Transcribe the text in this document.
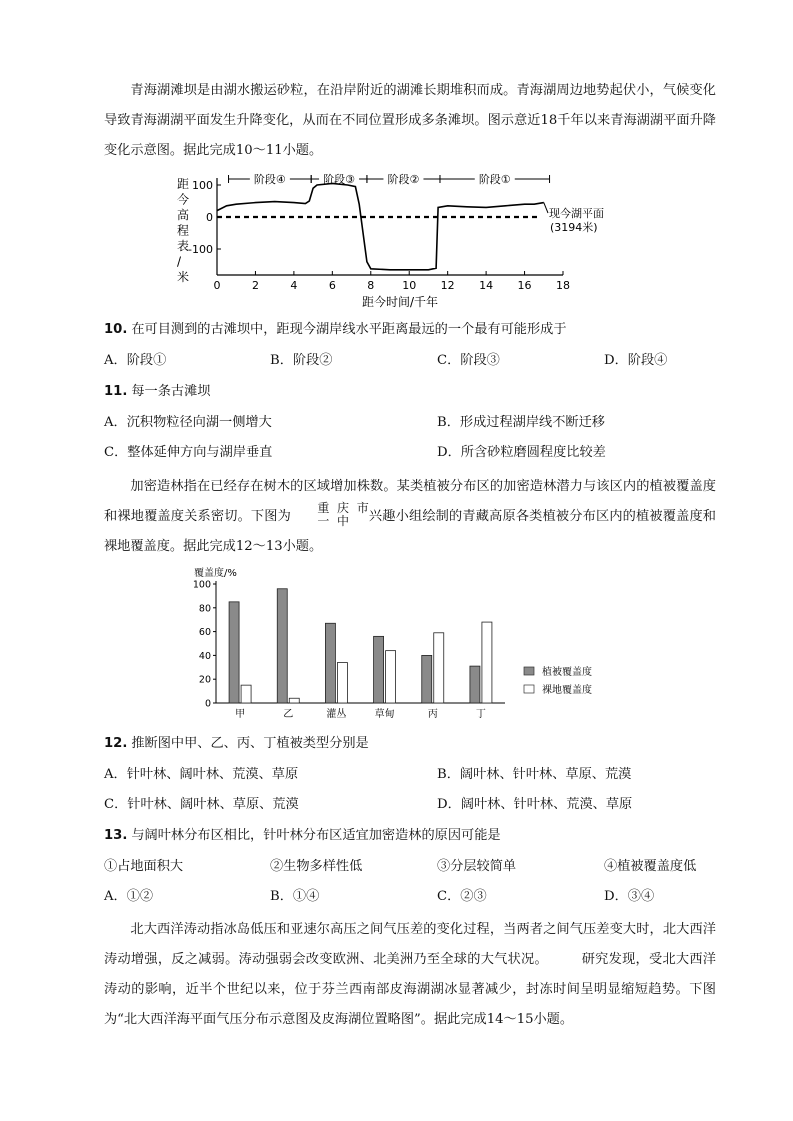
青海湖滩坝是由湖水搬运砂粒，在沿岸附近的湖滩长期堆积而成。青海湖周边地势起伏小，气候变化导致青海湖湖平面发生升降变化，从而在不同位置形成多条滩坝。图示意近18千年以来青海湖湖平面升降变化示意图。据此完成10～11小题。

距
今
高
程
表
/
米
100
0
-100
0	2	4	6	8	10 12 14 16 18
阶段④	阶段③	阶段②	阶段①
现今湖平面
(3194米)
距今时间/千年
10. 在可目测到的古滩坝中，距现今湖岸线水平距离最远的一个最有可能形成于
A．阶段①	B．阶段②	C．阶段③	D．阶段④
11. 每一条古滩坝
A．沉积物粒径向湖一侧增大	B．形成过程湖岸线不断迁移
C．整体延伸方向与湖岸垂直	D．所含砂粒磨圆程度比较差

加密造林指在已经存在树木的区域增加株数。某类植被分布区的加密造林潜力与该区内的植被覆盖度和裸地覆盖度关系密切。下图为重 庆 市
一 中	兴趣小组绘制的青藏高原各类植被分布区内的植被覆盖度和裸地覆盖度。据此完成12～13小题。

覆盖度/%
0
20
40
60
80
100
甲	乙	灌丛	草甸	丙	丁
植被覆盖度
裸地覆盖度
12. 推断图中甲、乙、丙、丁植被类型分别是
A．针叶林、阔叶林、荒漠、草原	B．阔叶林、针叶林、草原、荒漠
C．针叶林、阔叶林、草原、荒漠	D．阔叶林、针叶林、荒漠、草原
13. 与阔叶林分布区相比，针叶林分布区适宜加密造林的原因可能是
①占地面积大	②生物多样性低	③分层较简单	④植被覆盖度低
A．①②	B．①④	C．②③	D．③④

北大西洋涛动指冰岛低压和亚速尔高压之间气压差的变化过程，当两者之间气压差变大时，北大西洋涛动增强，反之减弱。涛动强弱会改变欧洲、北美洲乃至全球的大气状况。　　　研究发现，受北大西洋涛动的影响，近半个世纪以来，位于芬兰西南部皮海湖湖冰显著减少，封冻时间呈明显缩短趋势。下图为“北大西洋海平面气压分布示意图及皮海湖位置略图”。据此完成14～15小题。
